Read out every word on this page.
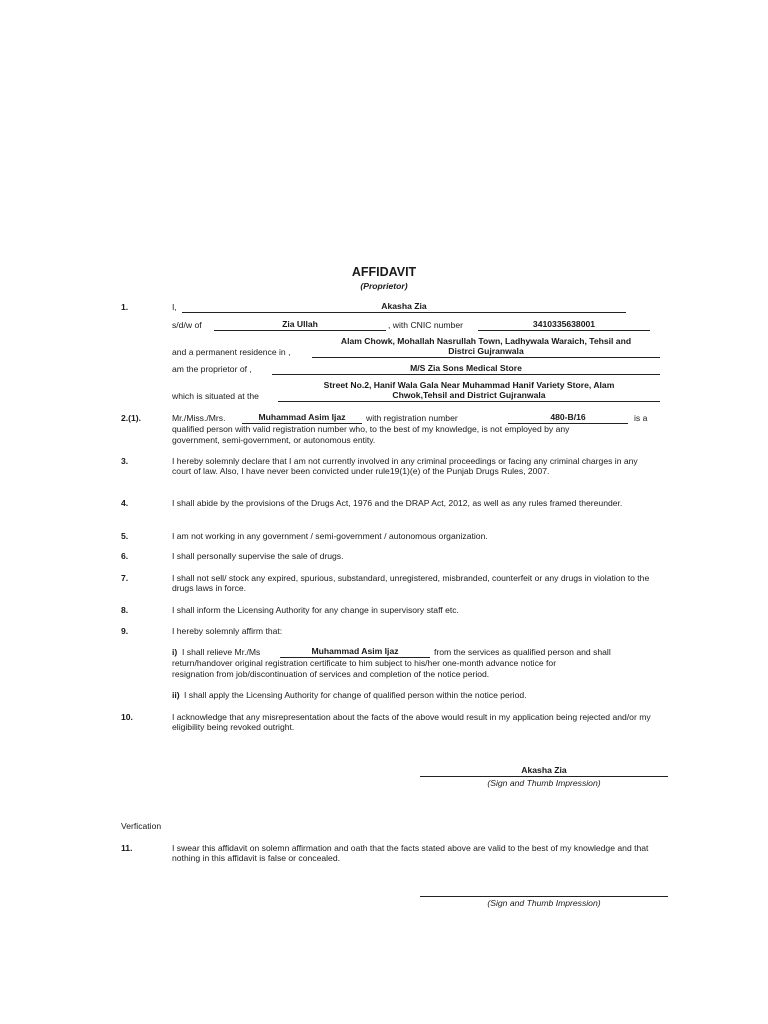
AFFIDAVIT
(Proprietor)
1.	I,	Akasha Zia
s/d/w of	Zia Ullah	, with CNIC number	3410335638001
Alam Chowk, Mohallah Nasrullah Town, Ladhywala Waraich, Tehsil and
and a permanent residence in ,	Distrci Gujranwala
am the proprietor of ,	M/S Zia Sons Medical Store
Street No.2, Hanif Wala Gala Near Muhammad Hanif Variety Store, Alam
which is situated at the	Chwok,Tehsil and District Gujranwala
2.(1).	Mr./Miss./Mrs.	Muhammad Asim Ijaz	with registration number	480-B/16	is a
qualified person with valid registration number who, to the best of my knowledge, is not employed by any
government, semi-government, or autonomous entity.
3.	I hereby solemnly declare that I am not currently involved in any criminal proceedings or facing any criminal charges in any court of law. Also, I have never been convicted under rule19(1)(e) of the Punjab Drugs Rules, 2007.
4.	I shall abide by the provisions of the Drugs Act, 1976 and the DRAP Act, 2012, as well as any rules framed thereunder.
5.	I am not working in any government / semi-government / autonomous organization.
6.	I shall personally supervise the sale of drugs.
7.	I shall not sell/ stock any expired, spurious, substandard, unregistered, misbranded, counterfeit or any drugs in violation to the drugs laws in force.
8.	I shall inform the Licensing Authority for any change in supervisory staff etc.
9.	I hereby solemnly affirm that:
i) I shall relieve Mr./Ms	Muhammad Asim Ijaz	from the services as qualified person and shall
return/handover original registration certificate to him subject to his/her one-month advance notice for
resignation from job/discontinuation of services and completion of the notice period.
ii) I shall apply the Licensing Authority for change of qualified person within the notice period.
10.	I acknowledge that any misrepresentation about the facts of the above would result in my application being rejected and/or my eligibility being revoked outright.
Akasha Zia
(Sign and Thumb Impression)
Verfication
11.	I swear this affidavit on solemn affirmation and oath that the facts stated above are valid to the best of my knowledge and that nothing in this affidavit is false or concealed.
(Sign and Thumb Impression)
